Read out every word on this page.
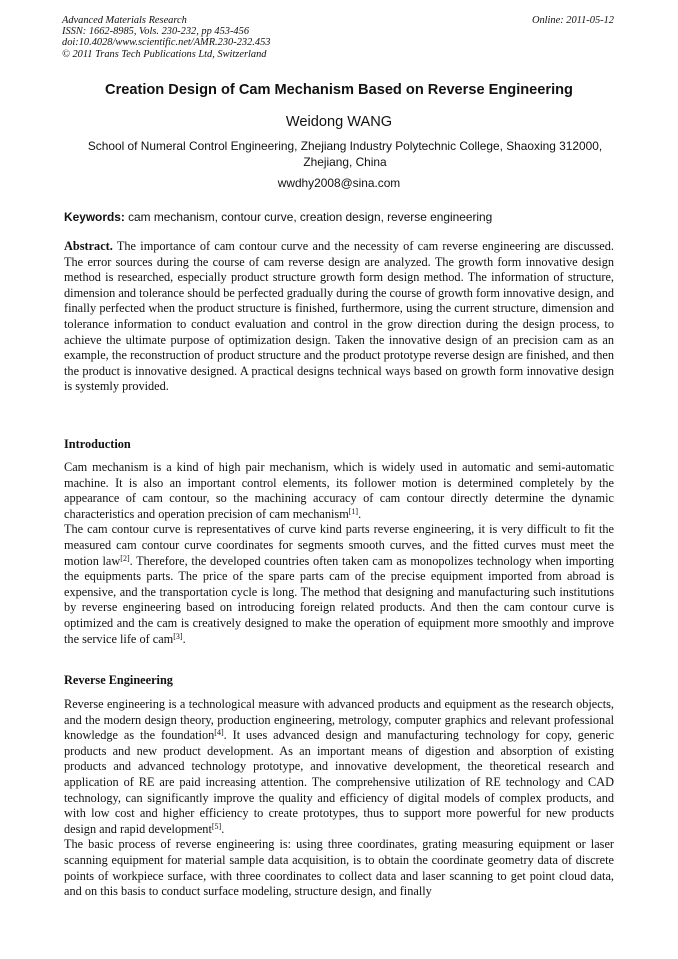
Advanced Materials Research
ISSN: 1662-8985, Vols. 230-232, pp 453-456
doi:10.4028/www.scientific.net/AMR.230-232.453
© 2011 Trans Tech Publications Ltd, Switzerland
Online: 2011-05-12
Creation Design of Cam Mechanism Based on Reverse Engineering
Weidong WANG
School of Numeral Control Engineering, Zhejiang Industry Polytechnic College, Shaoxing 312000, Zhejiang, China
wwdhy2008@sina.com
Keywords: cam mechanism, contour curve, creation design, reverse engineering

Abstract. The importance of cam contour curve and the necessity of cam reverse engineering are discussed. The error sources during the course of cam reverse design are analyzed. The growth form innovative design method is researched, especially product structure growth form design method. The information of structure, dimension and tolerance should be perfected gradually during the course of growth form innovative design, and finally perfected when the product structure is finished, furthermore, using the current structure, dimension and tolerance information to conduct evaluation and control in the grow direction during the design process, to achieve the ultimate purpose of optimization design. Taken the innovative design of an precision cam as an example, the reconstruction of product structure and the product prototype reverse design are finished, and then the product is innovative designed. A practical designs technical ways based on growth form innovative design is systemly provided.

Introduction

Cam mechanism is a kind of high pair mechanism, which is widely used in automatic and semi-automatic machine. It is also an important control elements, its follower motion is determined completely by the appearance of cam contour, so the machining accuracy of cam contour directly determine the dynamic characteristics and operation precision of cam mechanism[1].

The cam contour curve is representatives of curve kind parts reverse engineering, it is very difficult to fit the measured cam contour curve coordinates for segments smooth curves, and the fitted curves must meet the motion law[2]. Therefore, the developed countries often taken cam as monopolizes technology when importing the equipments parts. The price of the spare parts cam of the precise equipment imported from abroad is expensive, and the transportation cycle is long. The method that designing and manufacturing such institutions by reverse engineering based on introducing foreign related products. And then the cam contour curve is optimized and the cam is creatively designed to make the operation of equipment more smoothly and improve the service life of cam[3].

Reverse Engineering

Reverse engineering is a technological measure with advanced products and equipment as the research objects, and the modern design theory, production engineering, metrology, computer graphics and relevant professional knowledge as the foundation[4]. It uses advanced design and manufacturing technology for copy, generic products and new product development. As an important means of digestion and absorption of existing products and advanced technology prototype, and innovative development, the theoretical research and application of RE are paid increasing attention. The comprehensive utilization of RE technology and CAD technology, can significantly improve the quality and efficiency of digital models of complex products, and with low cost and higher efficiency to create prototypes, thus to support more powerful for new products design and rapid development[5].

The basic process of reverse engineering is: using three coordinates, grating measuring equipment or laser scanning equipment for material sample data acquisition, is to obtain the coordinate geometry data of discrete points of workpiece surface, with three coordinates to collect data and laser scanning to get point cloud data, and on this basis to conduct surface modeling, structure design, and finally
